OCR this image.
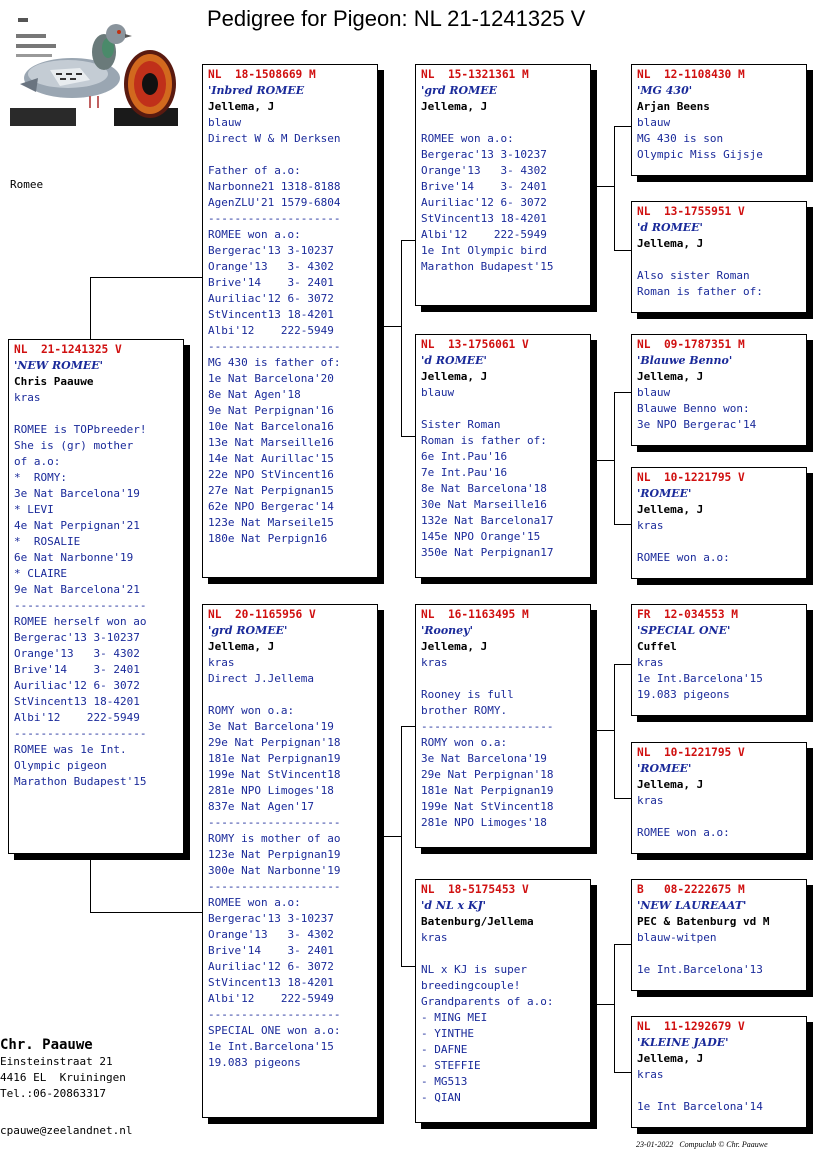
Pedigree for Pigeon: NL 21-1241325 V
Romee
NL  21-1241325 V
'NEW ROMEE'
Chris Paauwe
kras
ROMEE is TOPbreeder!
She is (gr) mother
of a.o:
*  ROMY:
3e Nat Barcelona'19
* LEVI
4e Nat Perpignan'21
*  ROSALIE
6e Nat Narbonne'19
* CLAIRE
9e Nat Barcelona'21
--------------------
ROMEE herself won ao
Bergerac'13 3-10237
Orange'13   3- 4302
Brive'14    3- 2401
Auriliac'12 6- 3072
StVincent13 18-4201
Albi'12    222-5949
--------------------
ROMEE was 1e Int.
Olympic pigeon
Marathon Budapest'15
NL  18-1508669 M
'Inbred ROMEE
Jellema, J
blauw
Direct W & M Derksen
Father of a.o:
Narbonne21 1318-8188
AgenZLU'21 1579-6804
--------------------
ROMEE won a.o:
Bergerac'13 3-10237
Orange'13   3- 4302
Brive'14    3- 2401
Auriliac'12 6- 3072
StVincent13 18-4201
Albi'12    222-5949
--------------------
MG 430 is father of:
1e Nat Barcelona'20
8e Nat Agen'18
9e Nat Perpignan'16
10e Nat Barcelona16
13e Nat Marseille16
14e Nat Aurillac'15
22e NPO StVincent16
27e Nat Perpignan15
62e NPO Bergerac'14
123e Nat Marseile15
180e Nat Perpign16
NL  20-1165956 V
'grd ROMEE'
Jellema, J
kras
Direct J.Jellema
ROMY won o.a:
3e Nat Barcelona'19
29e Nat Perpignan'18
181e Nat Perpignan19
199e Nat StVincent18
281e NPO Limoges'18
837e Nat Agen'17
--------------------
ROMY is mother of ao
123e Nat Perpignan19
300e Nat Narbonne'19
--------------------
ROMEE won a.o:
Bergerac'13 3-10237
Orange'13   3- 4302
Brive'14    3- 2401
Auriliac'12 6- 3072
StVincent13 18-4201
Albi'12    222-5949
--------------------
SPECIAL ONE won a.o:
1e Int.Barcelona'15
19.083 pigeons
NL  15-1321361 M
'grd ROMEE
Jellema, J
ROMEE won a.o:
Bergerac'13 3-10237
Orange'13   3- 4302
Brive'14    3- 2401
Auriliac'12 6- 3072
StVincent13 18-4201
Albi'12    222-5949
1e Int Olympic bird
Marathon Budapest'15
NL  13-1756061 V
'd ROMEE'
Jellema, J
blauw
Sister Roman
Roman is father of:
6e Int.Pau'16
7e Int.Pau'16
8e Nat Barcelona'18
30e Nat Marseille16
132e Nat Barcelona17
145e NPO Orange'15
350e Nat Perpignan17
NL  16-1163495 M
'Rooney'
Jellema, J
kras
Rooney is full
brother ROMY.
--------------------
ROMY won o.a:
3e Nat Barcelona'19
29e Nat Perpignan'18
181e Nat Perpignan19
199e Nat StVincent18
281e NPO Limoges'18
NL  18-5175453 V
'd NL x KJ'
Batenburg/Jellema
kras
NL x KJ is super
breedingcouple!
Grandparents of a.o:
- MING MEI
- YINTHE
- DAFNE
- STEFFIE
- MG513
- QIAN
NL  12-1108430 M
'MG 430'
Arjan Beens
blauw
MG 430 is son
Olympic Miss Gijsje
NL  13-1755951 V
'd ROMEE'
Jellema, J
Also sister Roman
Roman is father of:
NL  09-1787351 M
'Blauwe Benno'
Jellema, J
blauw
Blauwe Benno won:
3e NPO Bergerac'14
NL  10-1221795 V
'ROMEE'
Jellema, J
kras
ROMEE won a.o:
FR  12-034553 M
'SPECIAL ONE'
Cuffel
kras
1e Int.Barcelona'15
19.083 pigeons
NL  10-1221795 V
'ROMEE'
Jellema, J
kras
ROMEE won a.o:
B   08-2222675 M
'NEW LAUREAAT'
PEC & Batenburg vd M
blauw-witpen
1e Int.Barcelona'13
NL  11-1292679 V
'KLEINE JADE'
Jellema, J
kras
1e Int Barcelona'14
Chr. Paauwe
Einsteinstraat 21
4416 EL  Kruiningen
Tel.:06-20863317
cpauwe@zeelandnet.nl
23-01-2022   Compuclub © Chr. Paauwe
